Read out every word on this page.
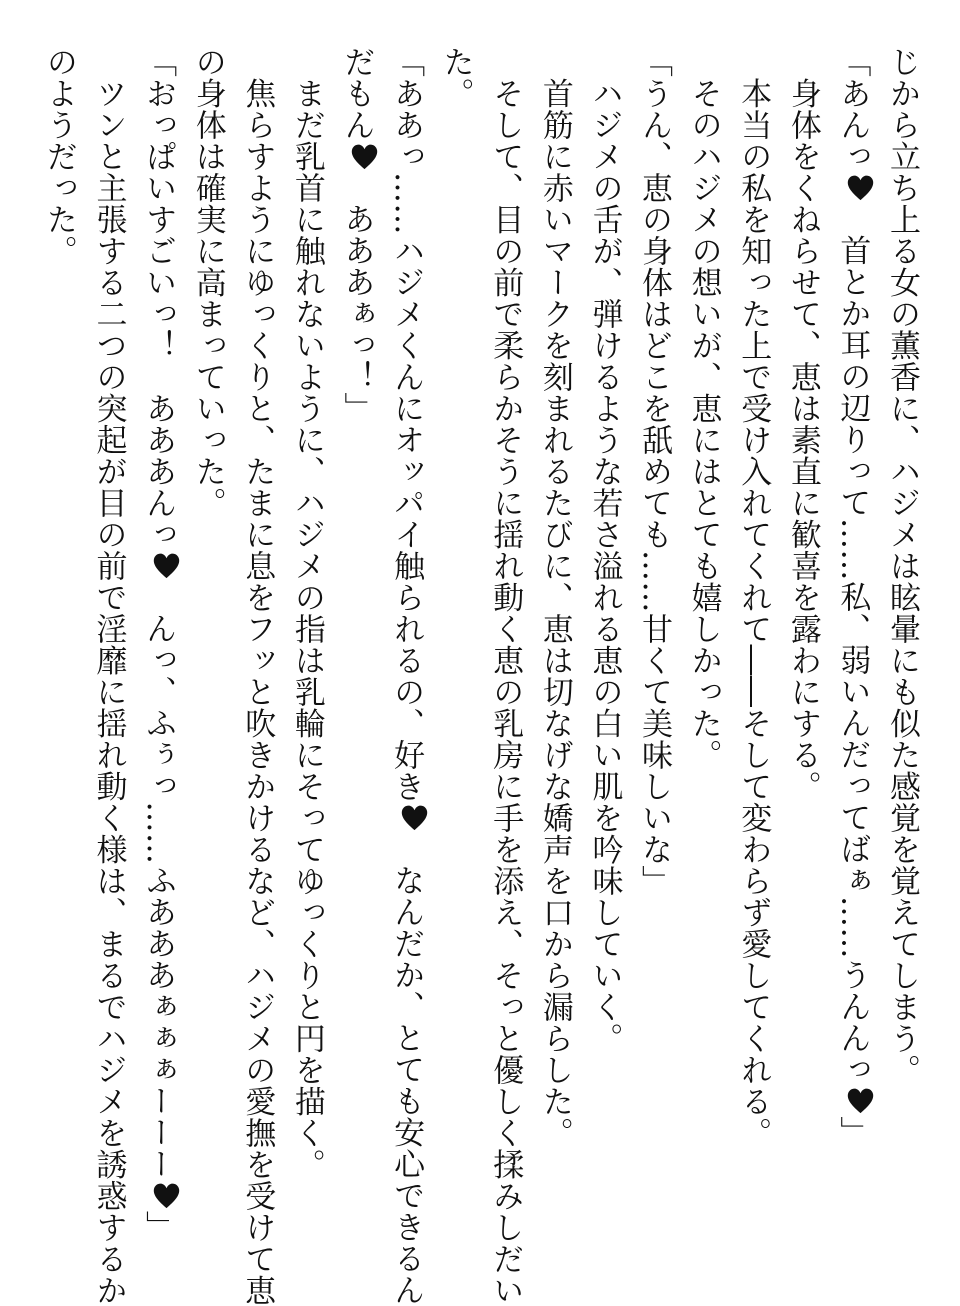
じから立ち上る女の薫香に、ハジメは眩暈にも似た感覚を覚えてしまう。
「あんっ
　首とか耳の辺りって……私、弱いんだってばぁ……うんんっ
」
　身体をくねらせて、恵は素直に歓喜を露わにする。
　本当の私を知った上で受け入れてくれて――そして変わらず愛してくれる。
　そのハジメの想いが、恵にはとても嬉しかった。
「うん、恵の身体はどこを舐めても……甘くて美味しいな」
　ハジメの舌が、弾けるような若さ溢れる恵の白い肌を吟味していく。
　首筋に赤いマークを刻まれるたびに、恵は切なげな嬌声を口から漏らした。
　そして、目の前で柔らかそうに揺れ動く恵の乳房に手を添え、そっと優しく揉みしだい
た。
「ああっ……ハジメくんにオッパイ触られるの、好き
　なんだか、とても安心できるん
だもん
　あああぁっ！」
　まだ乳首に触れないように、ハジメの指は乳輪にそってゆっくりと円を描く。
　焦らすようにゆっくりと、たまに息をフッと吹きかけるなど、ハジメの愛撫を受けて恵
の身体は確実に高まっていった。
「おっぱいすごいっ！　あああんっ
　んっ、ふぅっ……ふあああぁぁぁーーー
」
　ツンと主張する二つの突起が目の前で淫靡に揺れ動く様は、まるでハジメを誘惑するか
のようだった。
